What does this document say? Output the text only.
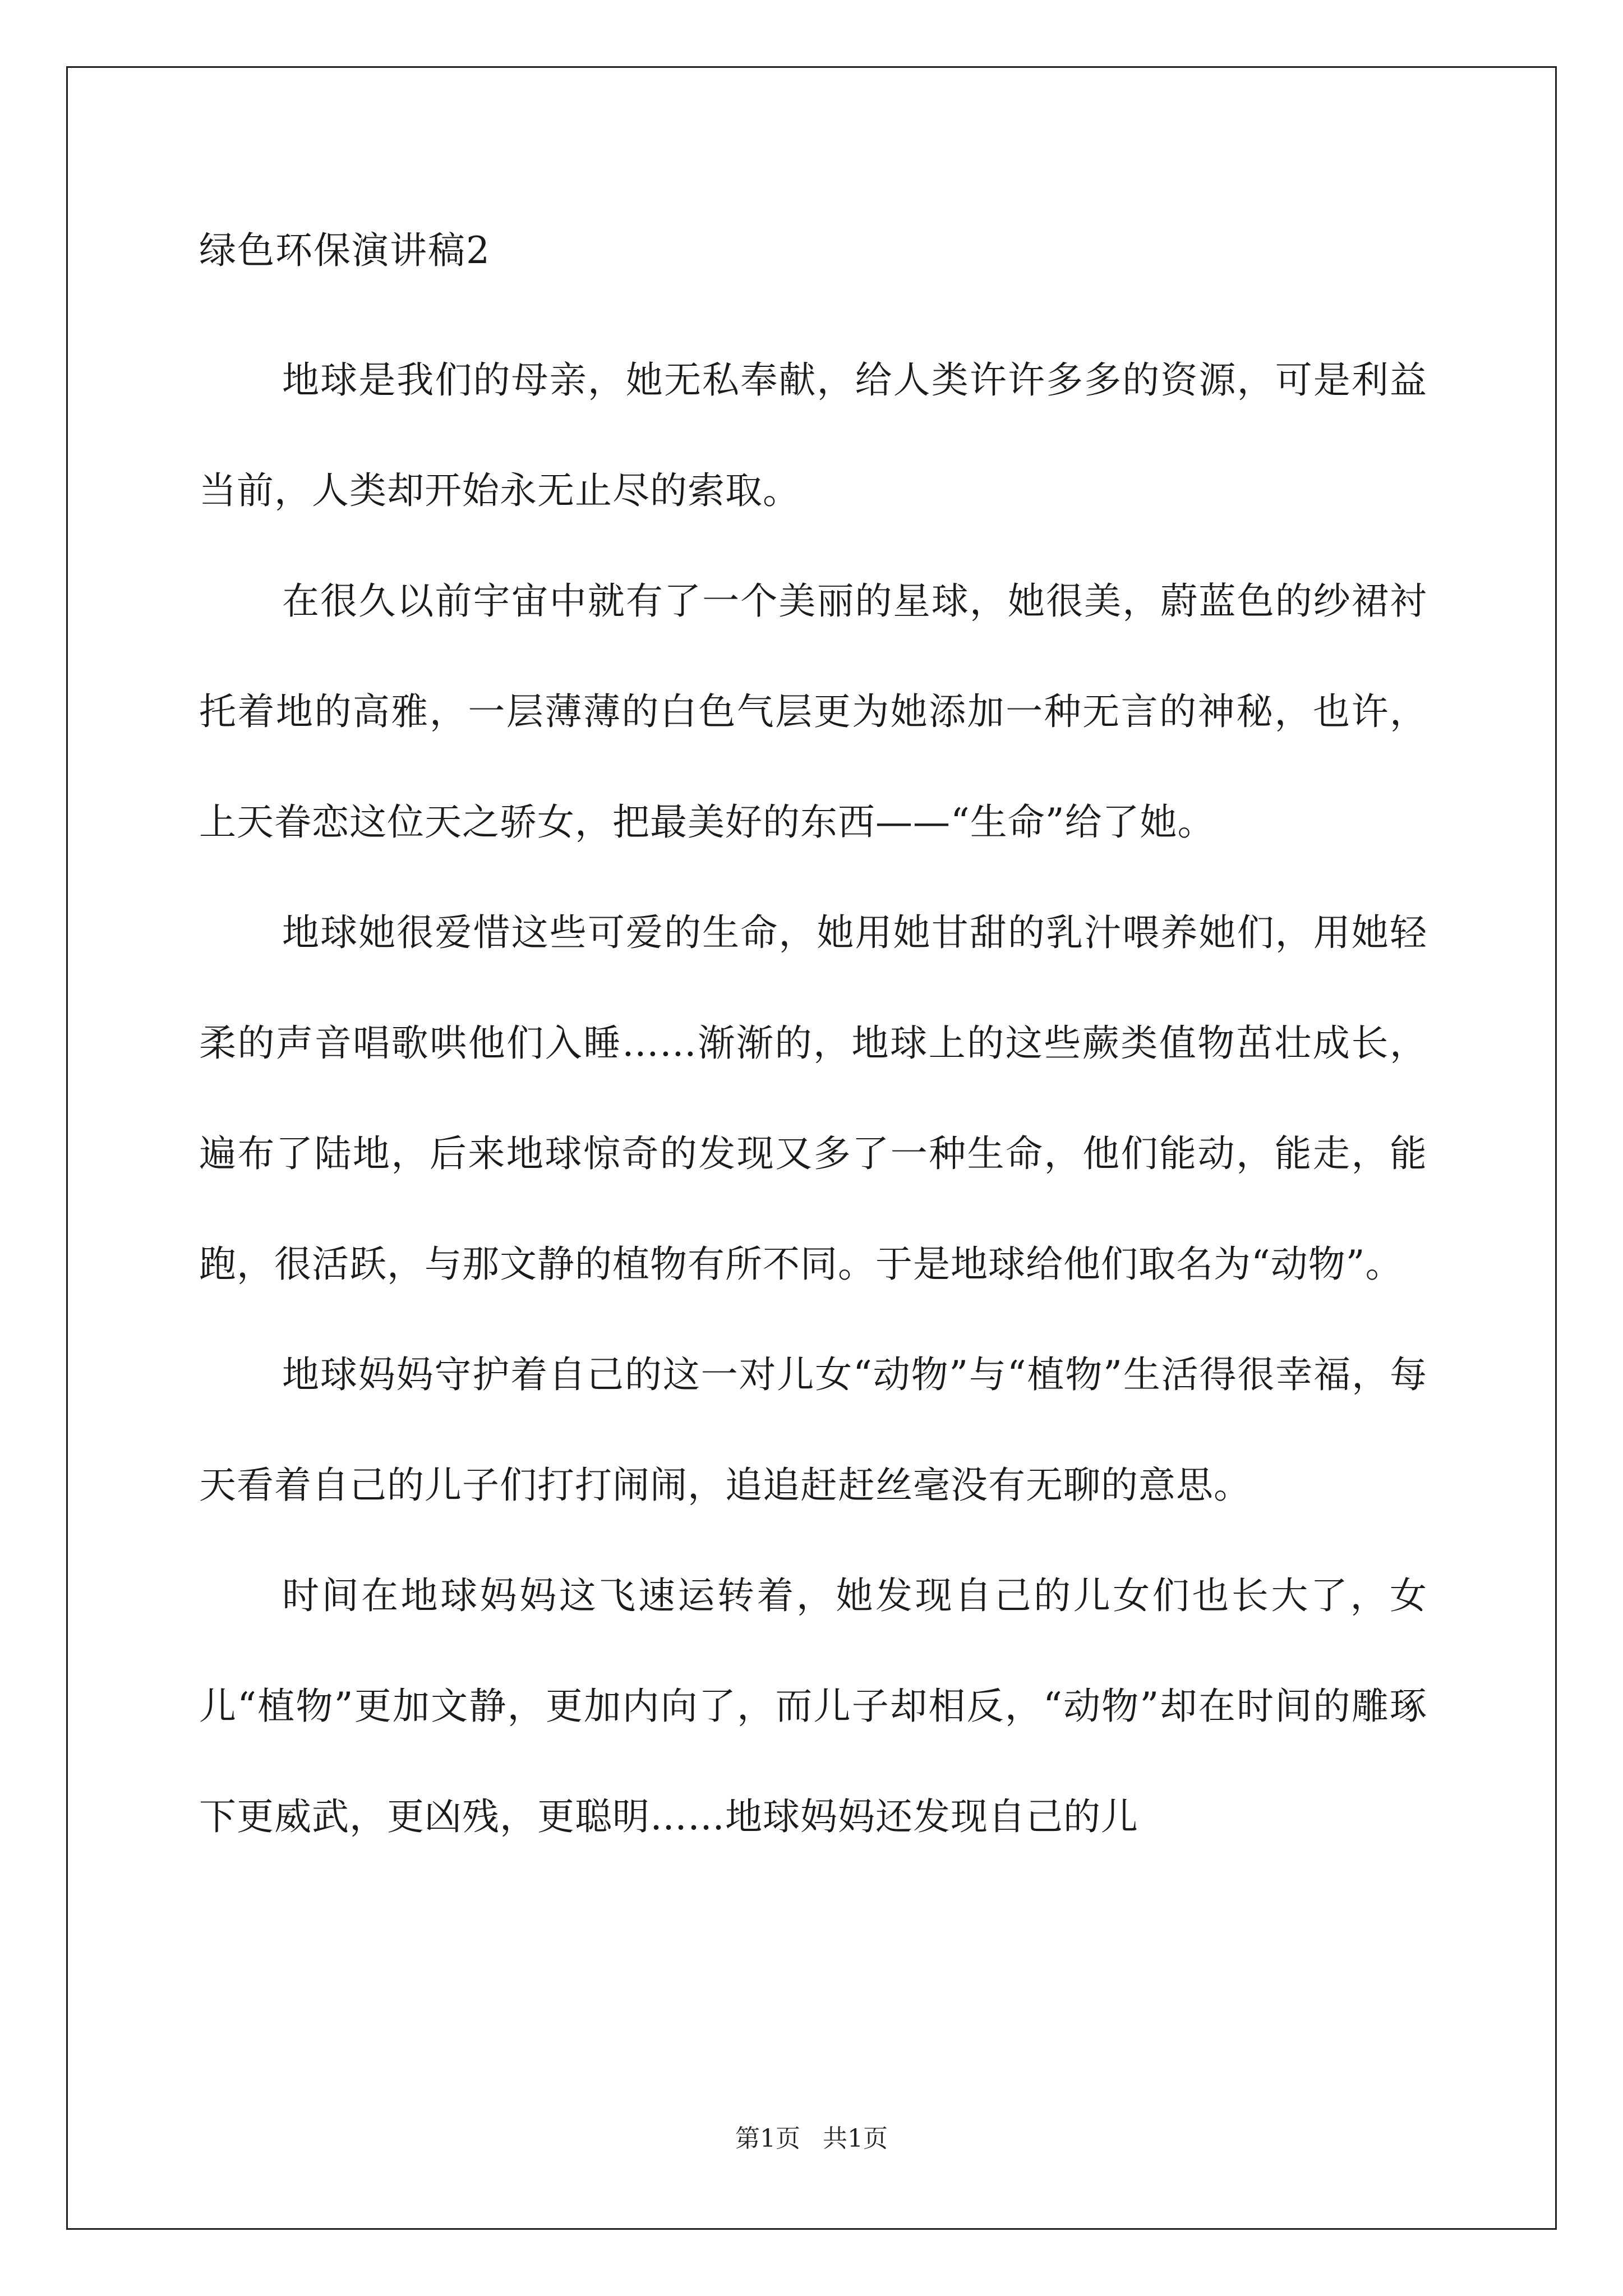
绿色环保演讲稿2

地球是我们的母亲，她无私奉献，给人类许许多多的资源，可是利益当前，人类却开始永无止尽的索取。

在很久以前宇宙中就有了一个美丽的星球，她很美，蔚蓝色的纱裙衬托着地的高雅，一层薄薄的白色气层更为她添加一种无言的神秘，也许，上天眷恋这位天之骄女，把最美好的东西——“生命”给了她。

地球她很爱惜这些可爱的生命，她用她甘甜的乳汁喂养她们，用她轻柔的声音唱歌哄他们入睡……渐渐的，地球上的这些蕨类值物茁壮成长，遍布了陆地，后来地球惊奇的发现又多了一种生命，他们能动，能走，能跑，很活跃，与那文静的植物有所不同。于是地球给他们取名为“动物”。

地球妈妈守护着自己的这一对儿女“动物”与“植物”生活得很幸福，每天看着自己的儿子们打打闹闹，追追赶赶丝毫没有无聊的意思。

时间在地球妈妈这飞速运转着，她发现自己的儿女们也长大了，女儿“植物”更加文静，更加内向了，而儿子却相反，“动物”却在时间的雕琢下更威武，更凶残，更聪明……地球妈妈还发现自己的儿

第1页 共1页
